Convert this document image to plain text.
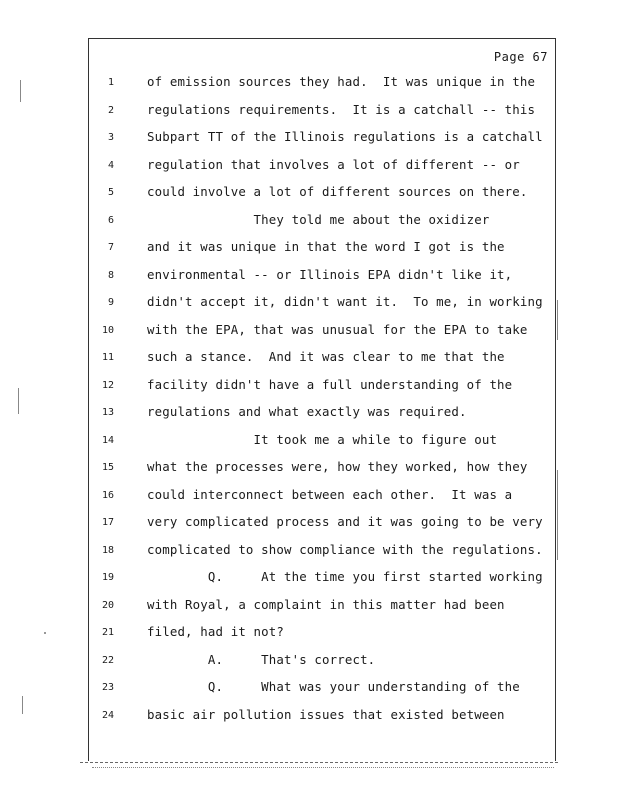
Page 67
1	of emission sources they had.  It was unique in the
2	regulations requirements.  It is a catchall -- this
3	Subpart TT of the Illinois regulations is a catchall
4	regulation that involves a lot of different -- or
5	could involve a lot of different sources on there.
6	They told me about the oxidizer
7	and it was unique in that the word I got is the
8	environmental -- or Illinois EPA didn't like it,
9	didn't accept it, didn't want it.  To me, in working
10	with the EPA, that was unusual for the EPA to take
11	such a stance.  And it was clear to me that the
12	facility didn't have a full understanding of the
13	regulations and what exactly was required.
14	It took me a while to figure out
15	what the processes were, how they worked, how they
16	could interconnect between each other.  It was a
17	very complicated process and it was going to be very
18	complicated to show compliance with the regulations.
19	Q.     At the time you first started working
20	with Royal, a complaint in this matter had been
21	filed, had it not?
22	A.     That's correct.
23	Q.     What was your understanding of the
24	basic air pollution issues that existed between
